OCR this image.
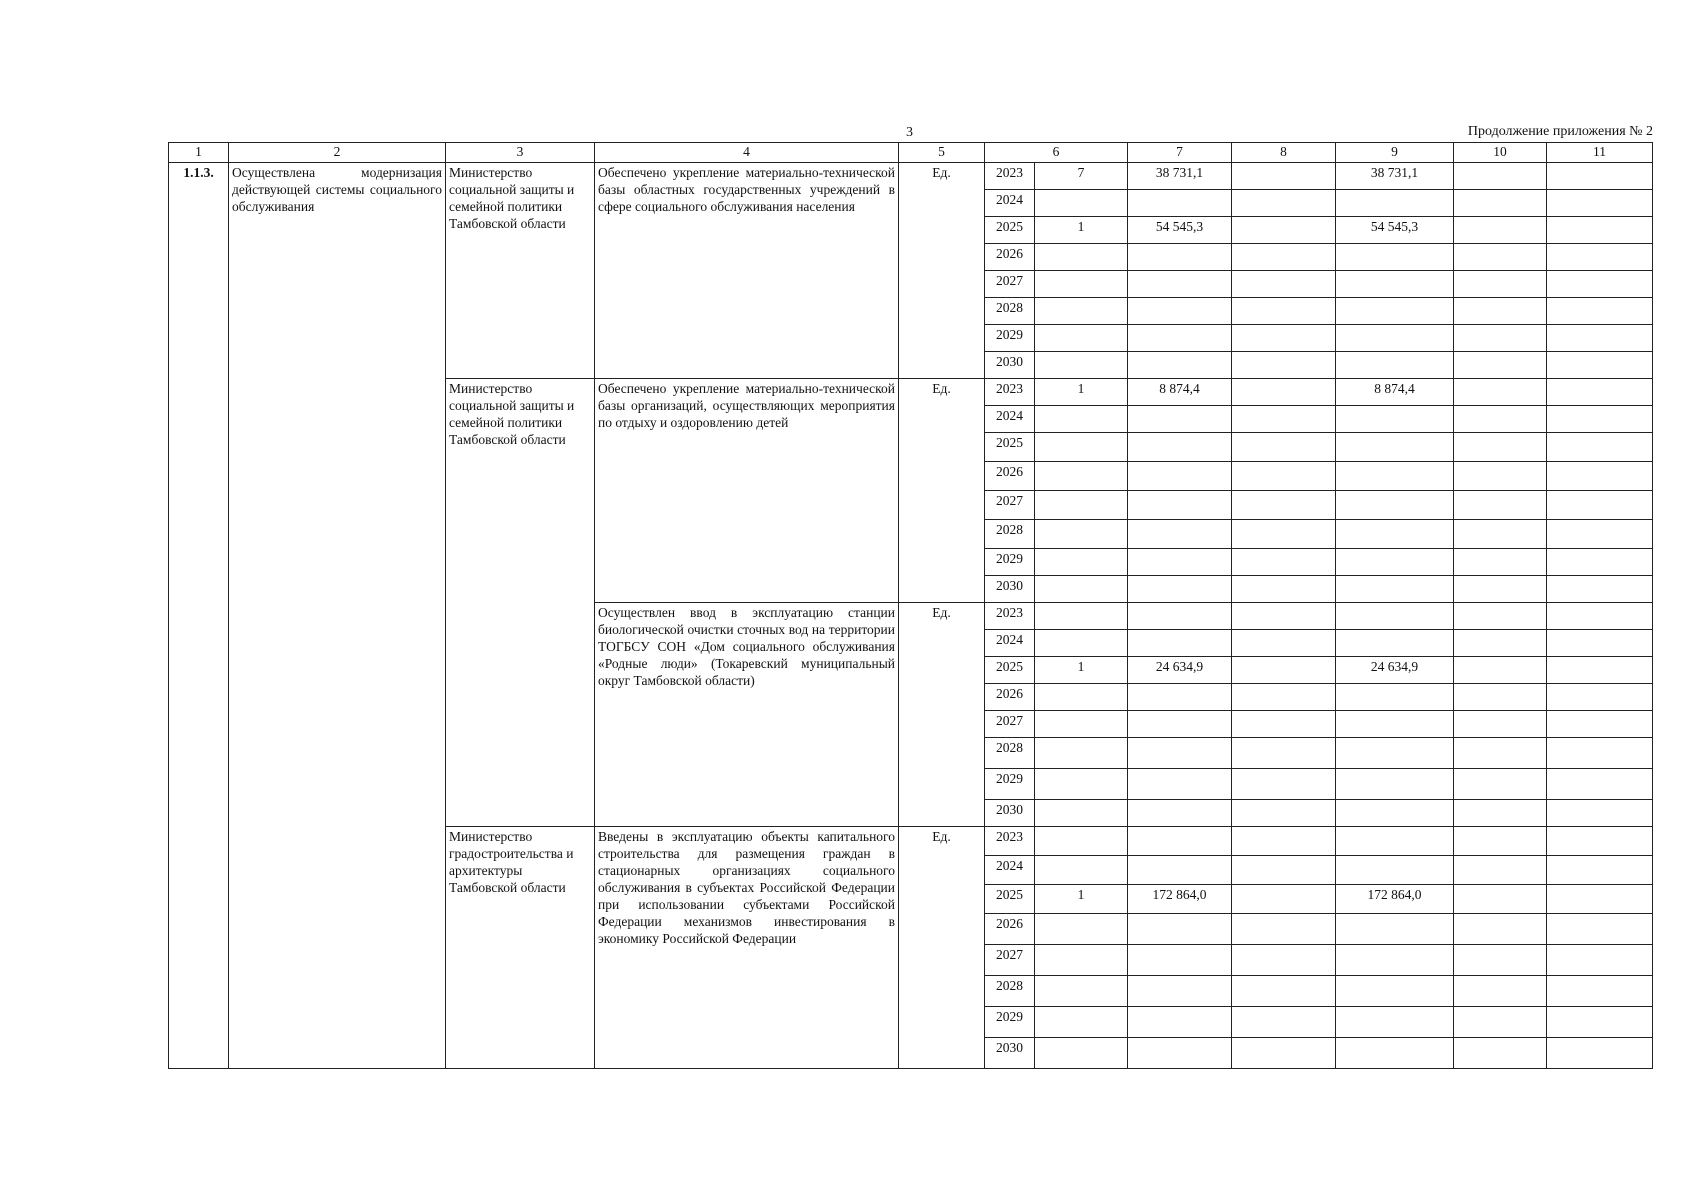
3	Продолжение приложения № 2
1	2	3	4	5	6		7	8	9	10	11
1.1.3.	Осуществлена модернизация действующей системы социального обслуживания	Министерство социальной защиты и семейной политики Тамбовской области	Обеспечено укрепление материально-технической базы областных государственных учреждений в сфере социального обслуживания населения	Ед.	2023	7	38 731,1		38 731,1		
					2024						
					2025	1	54 545,3		54 545,3		
					2026						
					2027						
					2028						
					2029						
					2030						
		Министерство социальной защиты и семейной политики Тамбовской области	Обеспечено укрепление материально-технической базы организаций, осуществляющих мероприятия по отдыху и оздоровлению детей	Ед.	2023	1	8 874,4		8 874,4		
					2024						
					2025						
					2026						
					2027						
					2028						
					2029						
					2030						
			Осуществлен ввод в эксплуатацию станции биологической очистки сточных вод на территории ТОГБСУ СОН «Дом социального обслуживания «Родные люди» (Токаревский муниципальный округ Тамбовской области)	Ед.	2023						
					2024						
					2025	1	24 634,9		24 634,9		
					2026						
					2027						
					2028						
					2029						
					2030						
		Министерство градостроительства и архитектуры Тамбовской области	Введены в эксплуатацию объекты капитального строительства для размещения граждан в стационарных организациях социального обслуживания в субъектах Российской Федерации при использовании субъектами Российской Федерации механизмов инвестирования в экономику Российской Федерации	Ед.	2023						
					2024						
					2025	1	172 864,0		172 864,0		
					2026						
					2027						
					2028						
					2029						
					2030						
